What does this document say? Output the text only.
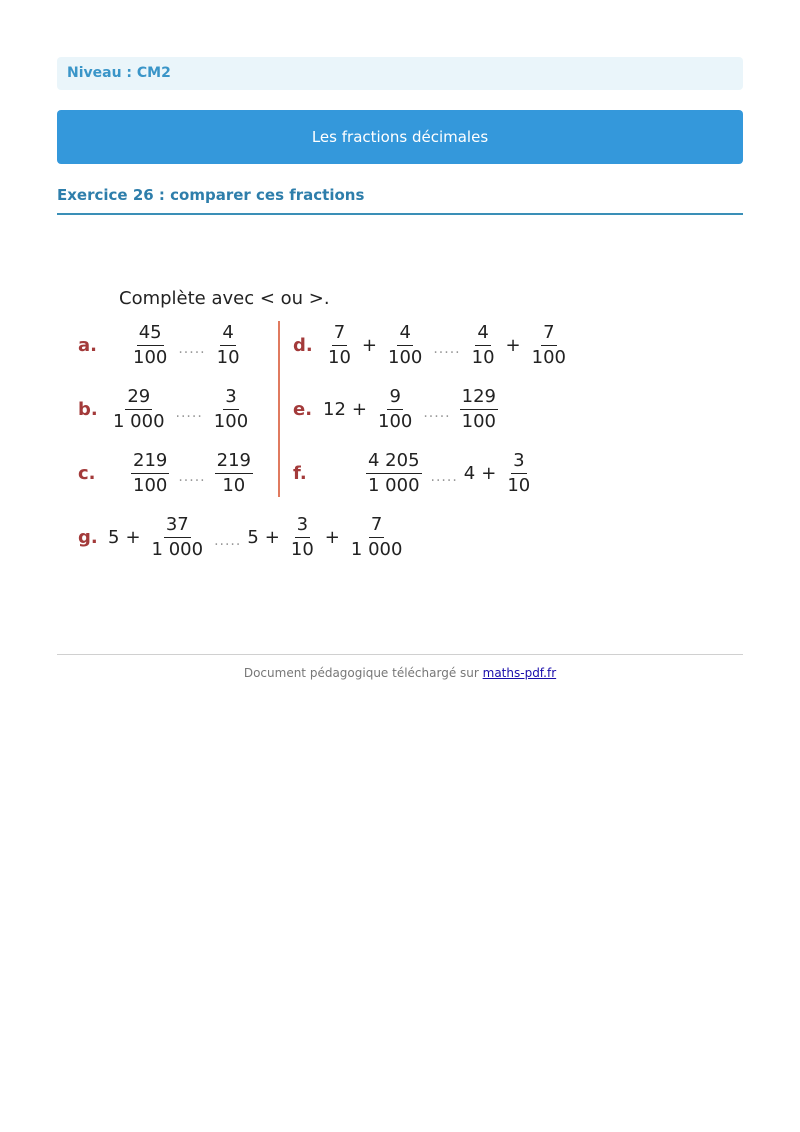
Niveau : CM2
Les fractions décimales
Exercice 26 : comparer ces fractions
Complète avec < ou >.
a.	$\frac{45}{100}$ ..... $\frac{4}{10}$
b. $\frac{29}{1 000}$ ..... $\frac{3}{100}$
c.	$\frac{219}{100}$ ..... $\frac{219}{10}$
d. $\frac{7}{10} + \frac{4}{100}$ ..... $\frac{4}{10} + \frac{7}{100}$
e. $12 + \frac{9}{100}$ ..... $\frac{129}{100}$
f.	$\frac{4 205}{1 000}$ ..... $4 + \frac{3}{10}$
g. $5 + \frac{37}{1 000}$ ..... $5 + \frac{3}{10} + \frac{7}{1 000}$
Document pédagogique téléchargé sur maths-pdf.fr
